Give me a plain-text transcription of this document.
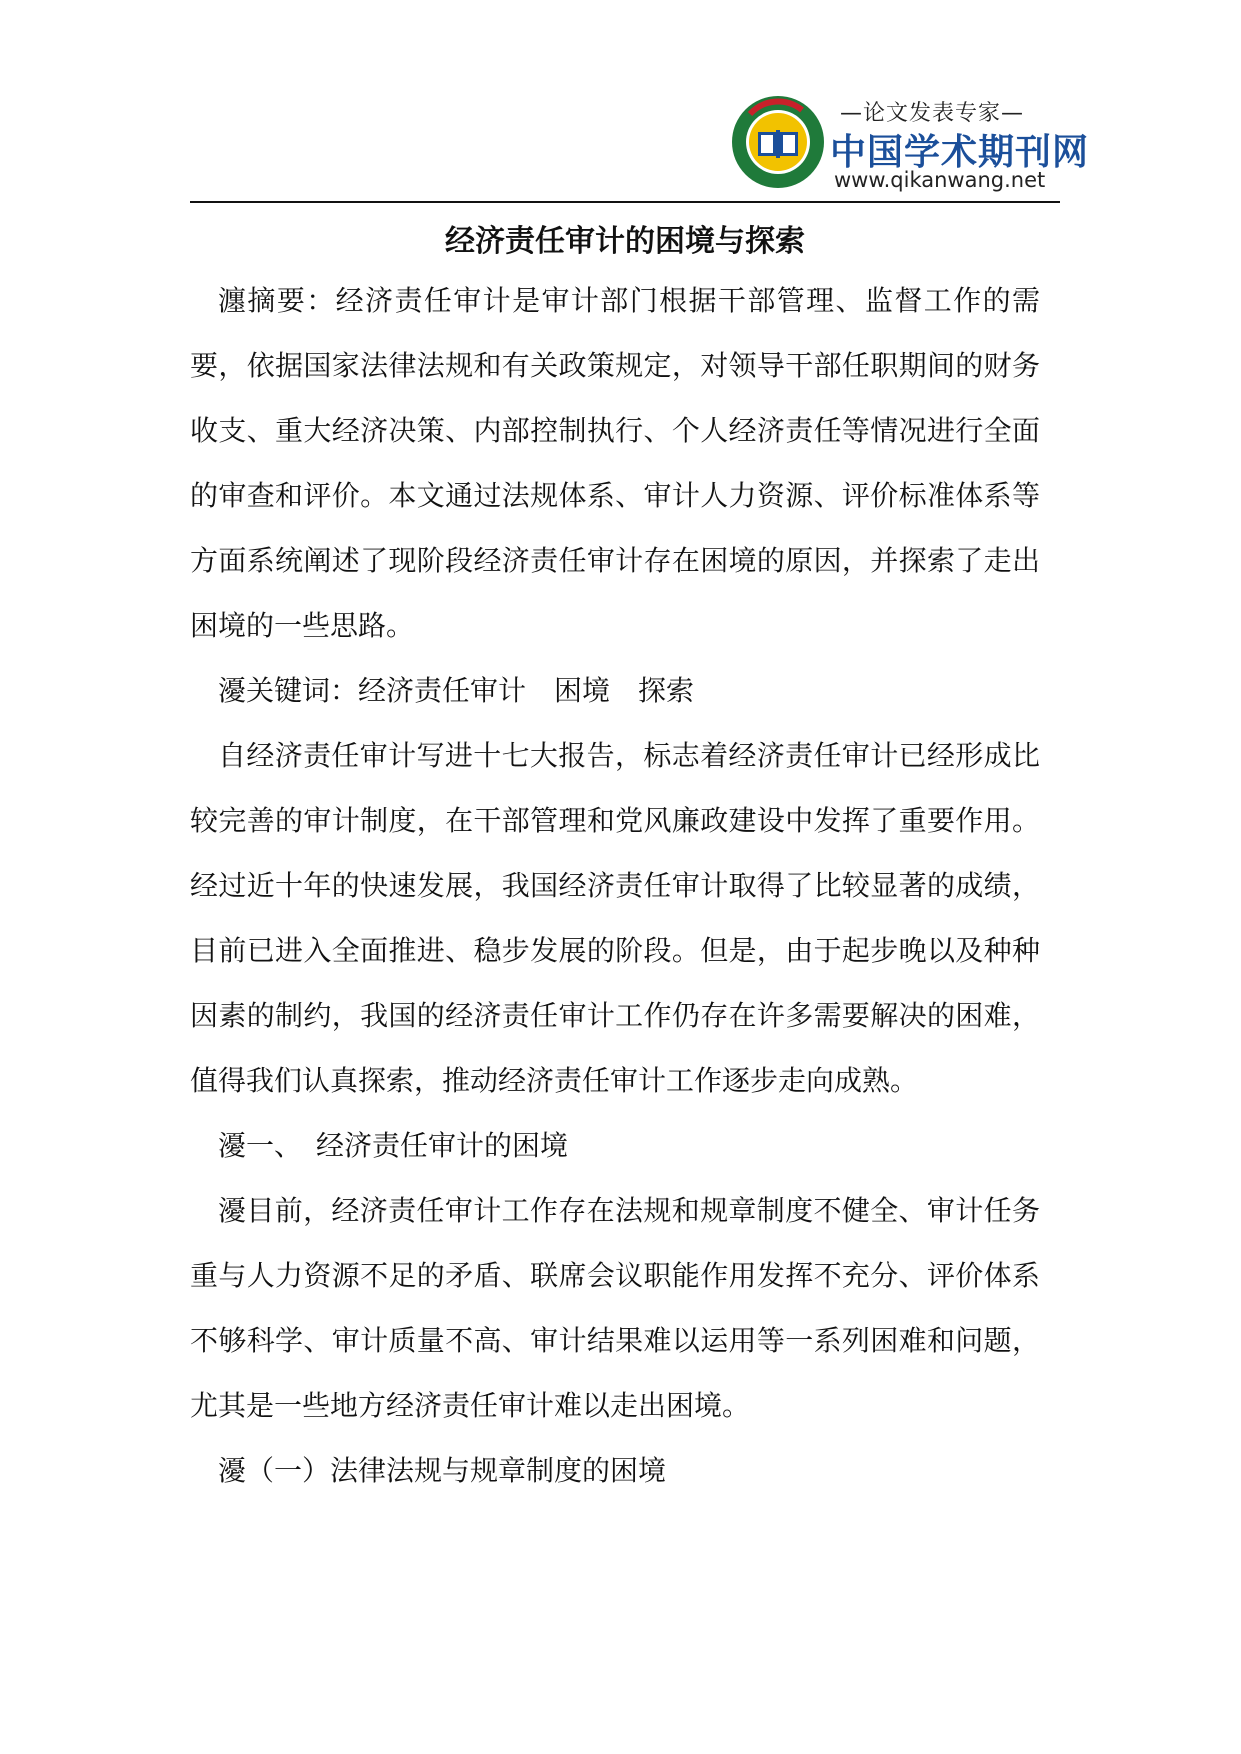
—论文发表专家—
中国学术期刊网
www.qikanwang.net
经济责任审计的困境与探索

瀍摘要：经济责任审计是审计部门根据干部管理、监督工作的需要，依据国家法律法规和有关政策规定，对领导干部任职期间的财务收支、重大经济决策、内部控制执行、个人经济责任等情况进行全面的审查和评价。本文通过法规体系、审计人力资源、评价标准体系等方面系统阐述了现阶段经济责任审计存在困境的原因，并探索了走出困境的一些思路。

瀀关键词：经济责任审计　困境　探索

自经济责任审计写进十七大报告，标志着经济责任审计已经形成比较完善的审计制度，在干部管理和党风廉政建设中发挥了重要作用。经过近十年的快速发展，我国经济责任审计取得了比较显著的成绩，目前已进入全面推进、稳步发展的阶段。但是，由于起步晚以及种种因素的制约，我国的经济责任审计工作仍存在许多需要解决的困难，值得我们认真探索，推动经济责任审计工作逐步走向成熟。

瀀一、　经济责任审计的困境

瀀目前，经济责任审计工作存在法规和规章制度不健全、审计任务重与人力资源不足的矛盾、联席会议职能作用发挥不充分、评价体系不够科学、审计质量不高、审计结果难以运用等一系列困难和问题，尤其是一些地方经济责任审计难以走出困境。

瀀（一）法律法规与规章制度的困境
